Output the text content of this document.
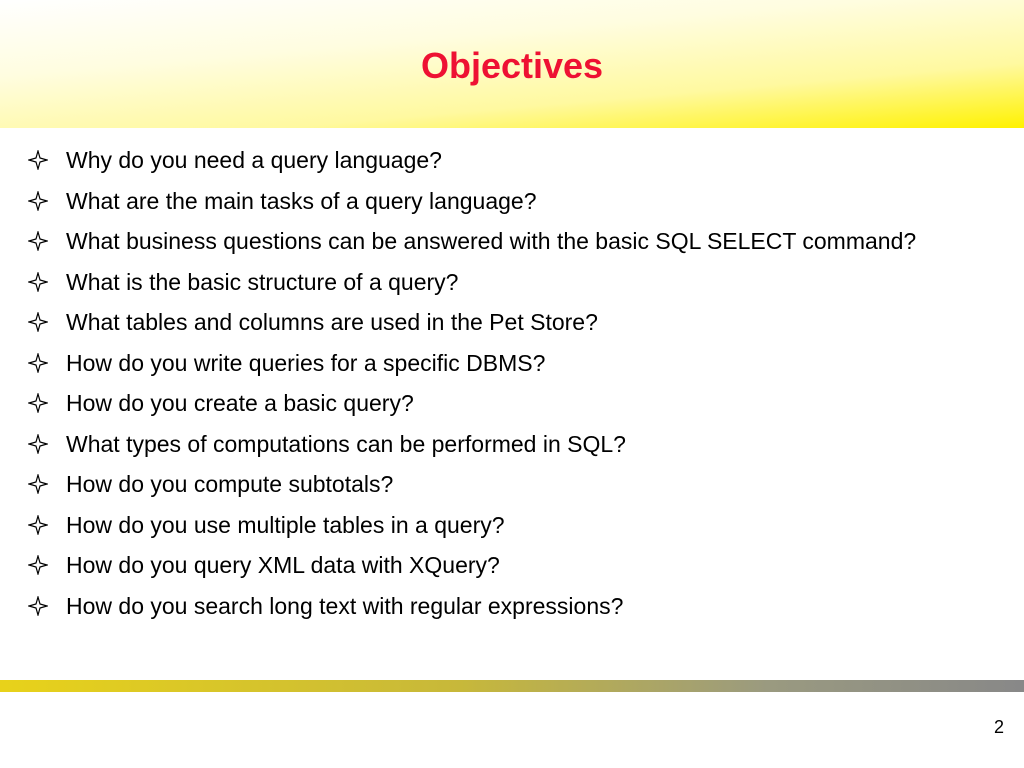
Objectives
Why do you need a query language?
What are the main tasks of a query language?
What business questions can be answered with the basic SQL SELECT command?
What is the basic structure of a query?
What tables and columns are used in the Pet Store?
How do you write queries for a specific DBMS?
How do you create a basic query?
What types of computations can be performed in SQL?
How do you compute subtotals?
How do you use multiple tables in a query?
How do you query XML data with XQuery?
How do you search long text with regular expressions?
2
